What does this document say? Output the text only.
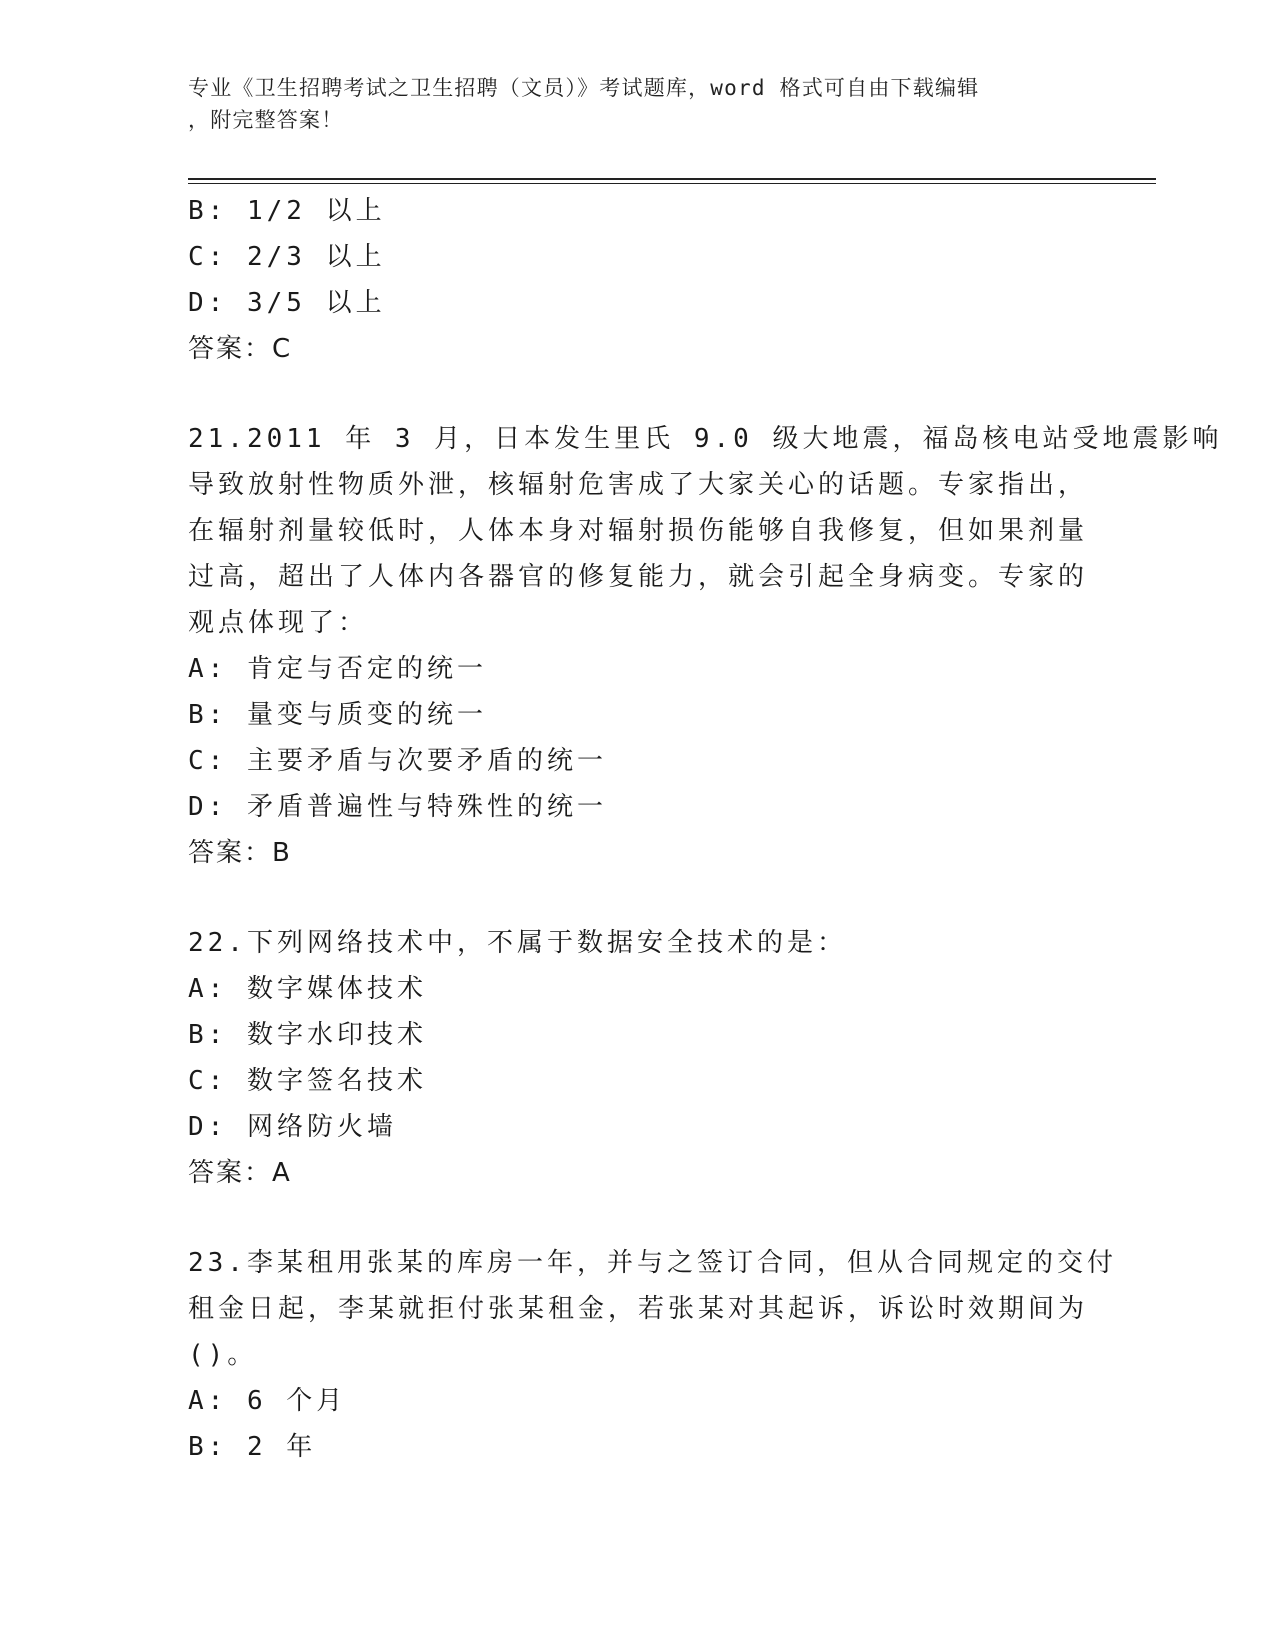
专业《卫生招聘考试之卫生招聘（文员）》考试题库，word 格式可自由下载编辑
，附完整答案！
B: 1/2 以上
C: 2/3 以上
D: 3/5 以上
答案：C
21.2011 年 3 月，日本发生里氏 9.0 级大地震，福岛核电站受地震影响
导致放射性物质外泄，核辐射危害成了大家关心的话题。专家指出，
在辐射剂量较低时，人体本身对辐射损伤能够自我修复，但如果剂量
过高，超出了人体内各器官的修复能力，就会引起全身病变。专家的
观点体现了：
A: 肯定与否定的统一
B: 量变与质变的统一
C: 主要矛盾与次要矛盾的统一
D: 矛盾普遍性与特殊性的统一
答案：B
22.下列网络技术中，不属于数据安全技术的是：
A: 数字媒体技术
B: 数字水印技术
C: 数字签名技术
D: 网络防火墙
答案：A
23.李某租用张某的库房一年，并与之签订合同，但从合同规定的交付
租金日起，李某就拒付张某租金，若张某对其起诉，诉讼时效期间为
()。
A: 6 个月
B: 2 年
